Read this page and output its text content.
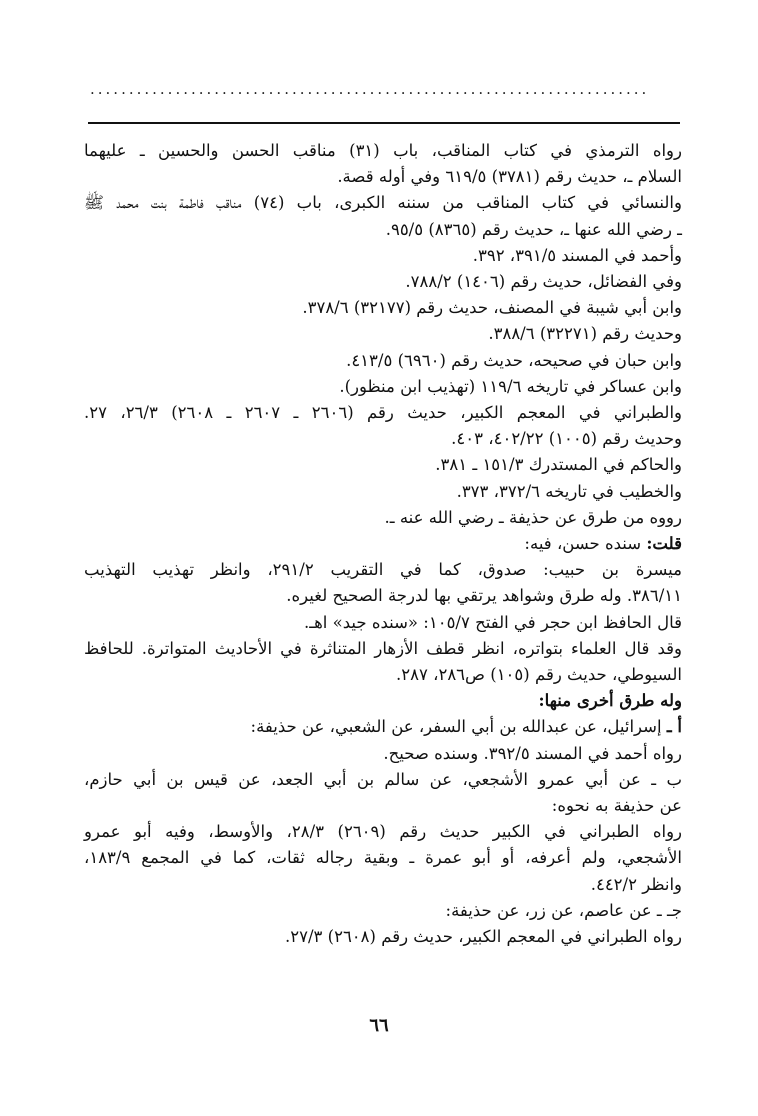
........................................................................

رواه الترمذي في كتاب المناقب، باب (٣١) مناقب الحسن والحسين ـ عليهما

السلام ـ، حديث رقم (٣٧٨١) ٦١٩/٥ وفي أوله قصة.

والنسائي في كتاب المناقب من سننه الكبرى، باب (٧٤) مناقب فاطمة بنت محمد ﷺ

ـ رضي الله عنها ـ، حديث رقم (٨٣٦٥) ٩٥/٥.

وأحمد في المسند ٣٩١/٥، ٣٩٢.

وفي الفضائل، حديث رقم (١٤٠٦) ٧٨٨/٢.

وابن أبي شيبة في المصنف، حديث رقم (٣٢١٧٧) ٣٧٨/٦.

وحديث رقم (٣٢٢٧١) ٣٨٨/٦.

وابن حبان في صحيحه، حديث رقم (٦٩٦٠) ٤١٣/٥.

وابن عساكر في تاريخه ١١٩/٦ (تهذيب ابن منظور).

والطبراني في المعجم الكبير، حديث رقم (٢٦٠٦ ـ ٢٦٠٧ ـ ٢٦٠٨) ٢٦/٣، ٢٧.

وحديث رقم (١٠٠٥) ٤٠٢/٢٢، ٤٠٣.

والحاكم في المستدرك ١٥١/٣ ـ ٣٨١.

والخطيب في تاريخه ٣٧٢/٦، ٣٧٣.

رووه من طرق عن حذيفة ـ رضي الله عنه ـ.

قلت: سنده حسن، فيه:

ميسرة بن حبيب: صدوق، كما في التقريب ٢٩١/٢، وانظر تهذيب التهذيب

٣٨٦/١١. وله طرق وشواهد يرتقي بها لدرجة الصحيح لغيره.

قال الحافظ ابن حجر في الفتح ١٠٥/٧: «سنده جيد» اهـ.

وقد قال العلماء بتواتره، انظر قطف الأزهار المتناثرة في الأحاديث المتواترة. للحافظ

السيوطي، حديث رقم (١٠٥) ص٢٨٦، ٢٨٧.

وله طرق أخرى منها:

أ ـ إسرائيل، عن عبدالله بن أبي السفر، عن الشعبي، عن حذيفة:

رواه أحمد في المسند ٣٩٢/٥. وسنده صحيح.

ب ـ عن أبي عمرو الأشجعي، عن سالم بن أبي الجعد، عن قيس بن أبي حازم،

عن حذيفة به نحوه:

رواه الطبراني في الكبير حديث رقم (٢٦٠٩) ٢٨/٣، والأوسط، وفيه أبو عمرو

الأشجعي، ولم أعرفه، أو أبو عمرة ـ وبقية رجاله ثقات، كما في المجمع ١٨٣/٩،

وانظر ٤٤٢/٢.

جـ ـ عن عاصم، عن زر، عن حذيفة:

رواه الطبراني في المعجم الكبير، حديث رقم (٢٦٠٨) ٢٧/٣.

٦٦
